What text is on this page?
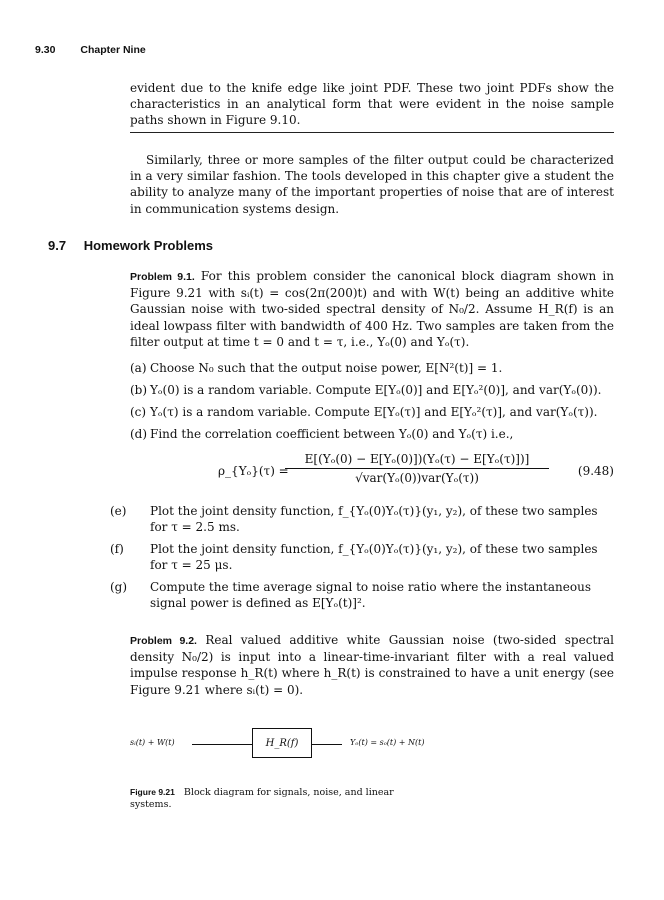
9.30 Chapter Nine
evident due to the knife edge like joint PDF. These two joint PDFs show the characteristics in an analytical form that were evident in the noise sample paths shown in Figure 9.10.
Similarly, three or more samples of the filter output could be characterized in a very similar fashion. The tools developed in this chapter give a student the ability to analyze many of the important properties of noise that are of interest in communication systems design.
9.7 Homework Problems
Problem 9.1. For this problem consider the canonical block diagram shown in Figure 9.21 with sᵢ(t) = cos(2π(200)t) and with W(t) being an additive white Gaussian noise with two-sided spectral density of N₀/2. Assume H_R(f) is an ideal lowpass filter with bandwidth of 400 Hz. Two samples are taken from the filter output at time t = 0 and t = τ, i.e., Yₒ(0) and Yₒ(τ).
(a) Choose N₀ such that the output noise power, E[N²(t)] = 1.
(b) Yₒ(0) is a random variable. Compute E[Yₒ(0)] and E[Yₒ²(0)], and var(Yₒ(0)).
(c) Yₒ(τ) is a random variable. Compute E[Yₒ(τ)] and E[Yₒ²(τ)], and var(Yₒ(τ)).
(d) Find the correlation coefficient between Yₒ(0) and Yₒ(τ) i.e.,
ρ_{Yₒ}(τ) =
E[(Yₒ(0) − E[Yₒ(0)])(Yₒ(τ) − E[Yₒ(τ)])]
√var(Yₒ(0))var(Yₒ(τ))	(9.48)
(e) Plot the joint density function, f_{Yₒ(0)Yₒ(τ)}(y₁, y₂), of these two samples for τ = 2.5 ms.
(f) Plot the joint density function, f_{Yₒ(0)Yₒ(τ)}(y₁, y₂), of these two samples for τ = 25 μs.
(g) Compute the time average signal to noise ratio where the instantaneous signal power is defined as E[Yₒ(t)]².
Problem 9.2. Real valued additive white Gaussian noise (two-sided spectral density N₀/2) is input into a linear-time-invariant filter with a real valued impulse response h_R(t) where h_R(t) is constrained to have a unit energy (see Figure 9.21 where sᵢ(t) = 0).
sᵢ(t) + W(t)	H_R(f)	Yₒ(t) = sₒ(t) + N(t)
Figure 9.21 Block diagram for signals, noise, and linear systems.
